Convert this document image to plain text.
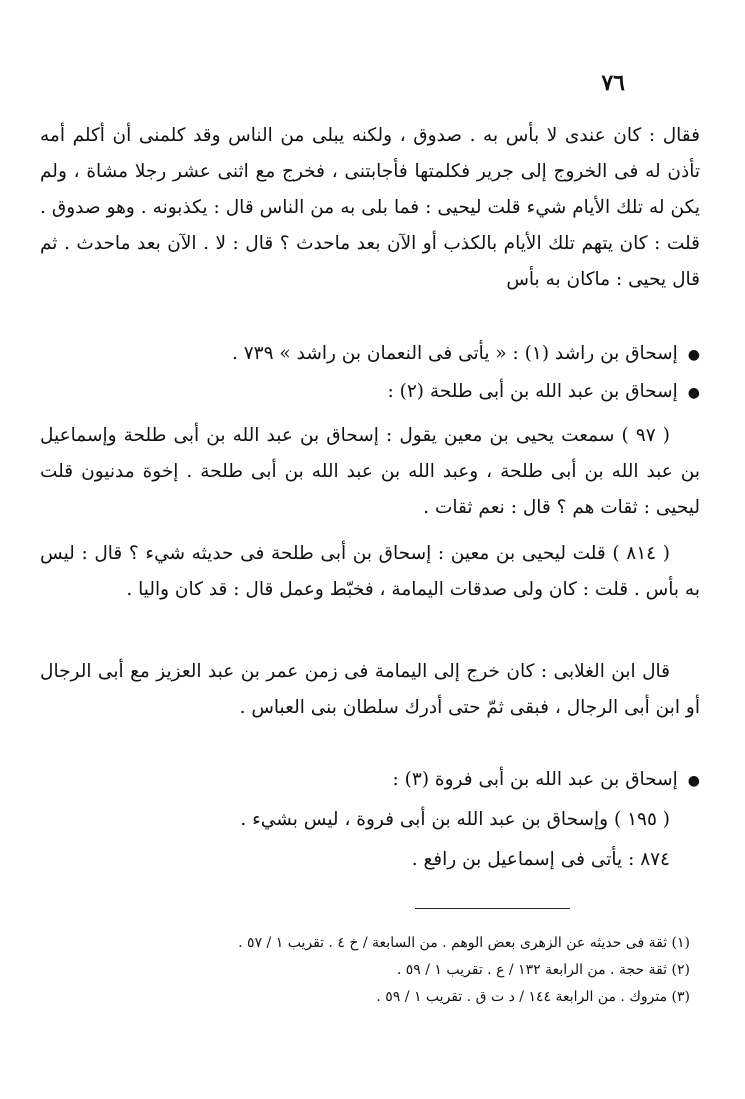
٧٦

فقال : كان عندى لا بأس به . صدوق ، ولكنه يبلى من الناس وقد كلمنى أن أكلم أمه تأذن له فى الخروج إلى جرير فكلمتها فأجابتنى ، فخرج مع اثنى عشر رجلا مشاة ، ولم يكن له تلك الأيام شيء قلت ليحيى : فما بلى به من الناس قال : يكذبونه . وهو صدوق . قلت : كان يتهم تلك الأيام بالكذب أو الآن بعد ماحدث ؟ قال : لا . الآن بعد ماحدث . ثم قال يحيى : ماكان به بأس

●إسحاق بن راشد (١) : « يأتى فى النعمان بن راشد » ٧٣٩ .

●إسحاق بن عبد الله بن أبى طلحة (٢) :

( ٩٧ ) سمعت يحيى بن معين يقول : إسحاق بن عبد الله بن أبى طلحة وإسماعيل بن عبد الله بن أبى طلحة ، وعبد الله بن عبد الله بن أبى طلحة . إخوة مدنيون قلت ليحيى : ثقات هم ؟ قال : نعم ثقات .

( ٨١٤ ) قلت ليحيى بن معين : إسحاق بن أبى طلحة فى حديثه شيء ؟ قال : ليس به بأس . قلت : كان ولى صدقات اليمامة ، فخبّط وعمل قال : قد كان واليا .

قال ابن الغلابى : كان خرج إلى اليمامة فى زمن عمر بن عبد العزيز مع أبى الرجال أو ابن أبى الرجال ، فبقى ثمّ حتى أدرك سلطان بنى العباس .

●إسحاق بن عبد الله بن أبى فروة (٣) :

( ١٩٥ ) وإسحاق بن عبد الله بن أبى فروة ، ليس بشيء .

٨٧٤ : يأتى فى إسماعيل بن رافع .

(١) ثقة فى حديثه عن الزهرى بعض الوهم . من السابعة / خ ٤ . تقريب ١ / ٥٧ .

(٢) ثقة حجة . من الرابعة ١٣٢ / ع . تقريب ١ / ٥٩ .

(٣) متروك . من الرابعة ١٤٤ / د ت ق . تقريب ١ / ٥٩ .
